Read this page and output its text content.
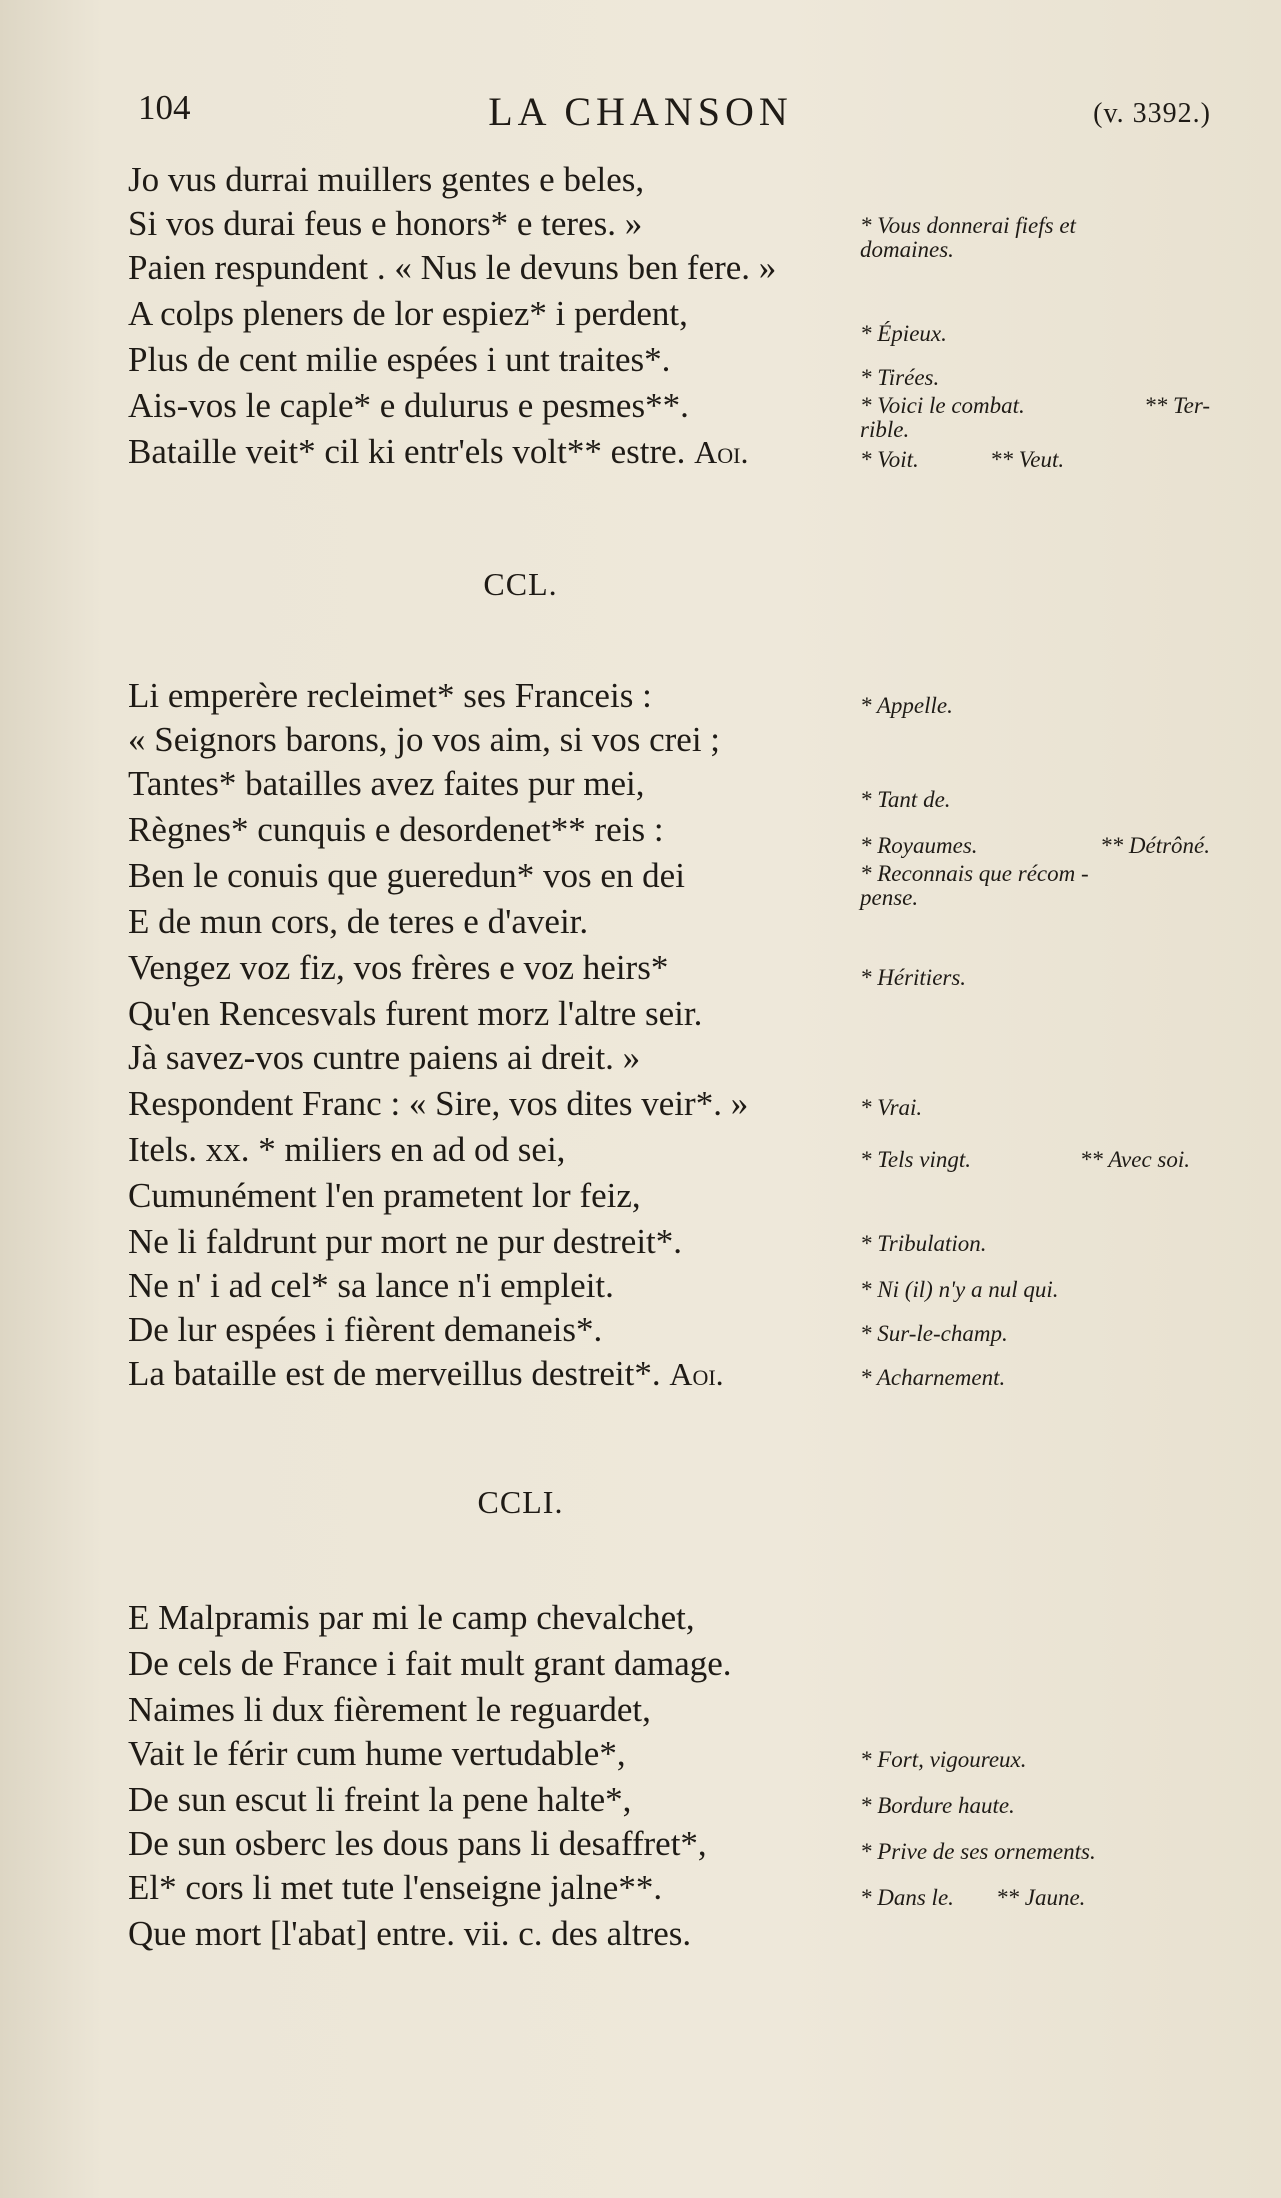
104	LA CHANSON	(v. 3392.)
Jo vus durrai muillers gentes e beles,
Si vos durai feus e honors* e teres. »
Paien respundent . « Nus le devuns ben fere. »
A colps pleners de lor espiez* i perdent,
Plus de cent milie espées i unt traites*.
Ais-vos le caple* e dulurus e pesmes**.
Bataille veit* cil ki entr'els volt** estre. Aoi.
* Vous donnerai fiefs et
domaines.
* Épieux.
* Tirées.
* Voici le combat.	** Ter-
rible.
* Voit.	** Veut.
CCL.
Li emperère recleimet* ses Franceis :
« Seignors barons, jo vos aim, si vos crei ;
Tantes* batailles avez faites pur mei,
Règnes* cunquis e desordenet** reis :
Ben le conuis que gueredun* vos en dei
E de mun cors, de teres e d'aveir.
Vengez voz fiz, vos frères e voz heirs*
Qu'en Rencesvals furent morz l'altre seir.
Jà savez-vos cuntre paiens ai dreit. »
Respondent Franc : « Sire, vos dites veir*. »
Itels. xx. * miliers en ad od sei,
Cumunément l'en prametent lor feiz,
Ne li faldrunt pur mort ne pur destreit*.
Ne n' i ad cel* sa lance n'i empleit.
De lur espées i fièrent demaneis*.
La bataille est de merveillus destreit*. Aoi.
* Appelle.
* Tant de.
* Royaumes.	** Détrôné.
* Reconnais que récom -
pense.
* Héritiers.
* Vrai.
* Tels vingt.	** Avec soi.
* Tribulation.
* Ni (il) n'y a nul qui.
* Sur-le-champ.
* Acharnement.
CCLI.
E Malpramis par mi le camp chevalchet,
De cels de France i fait mult grant damage.
Naimes li dux fièrement le reguardet,
Vait le férir cum hume vertudable*,
De sun escut li freint la pene halte*,
De sun osberc les dous pans li desaffret*,
El* cors li met tute l'enseigne jalne**.
Que mort [l'abat] entre. vii. c. des altres.
* Fort, vigoureux.
* Bordure haute.
* Prive de ses ornements.
* Dans le. ** Jaune.
